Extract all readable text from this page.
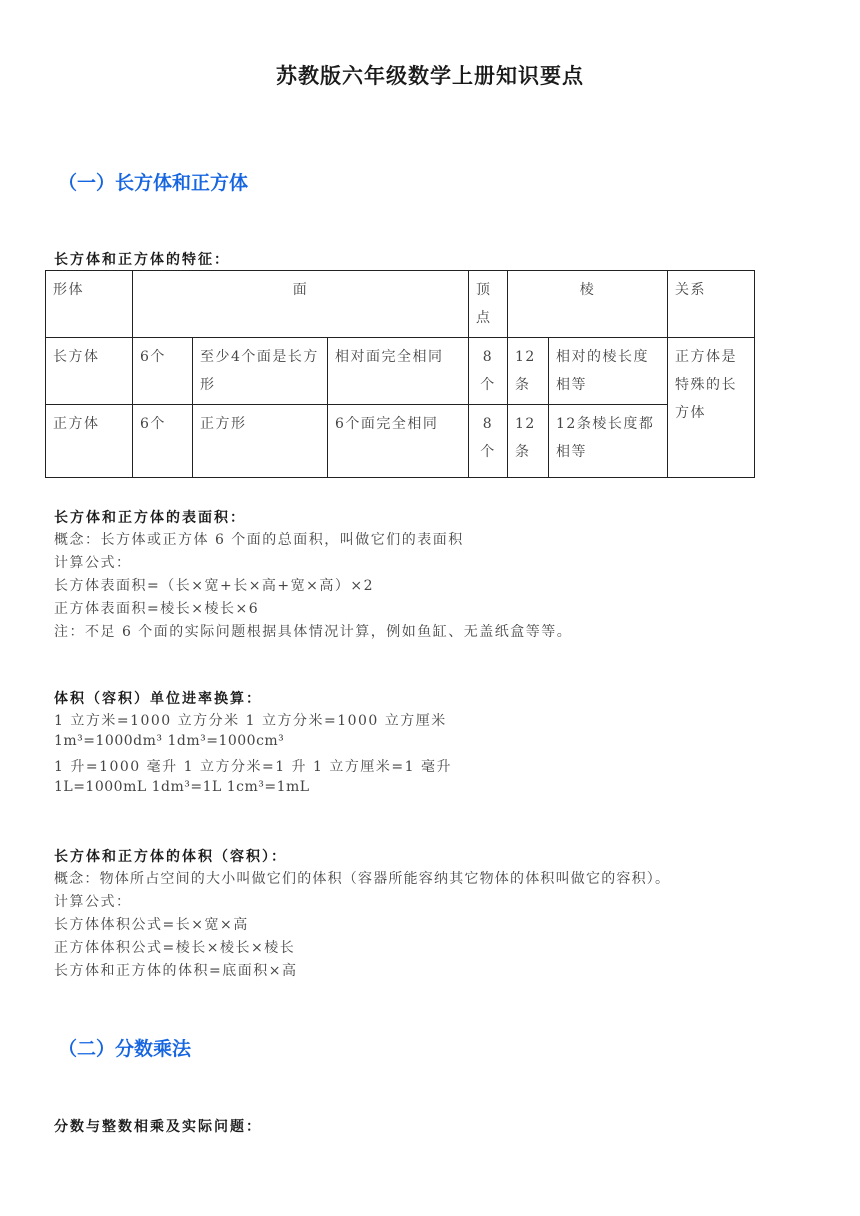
苏教版六年级数学上册知识要点
（一）长方体和正方体
长方体和正方体的特征：
形体	面			顶点	棱		关系
长方体	6个	至少4个面是长方形	相对面完全相同	8个	12条	相对的棱长度相等	正方体是特殊的长方体
正方体	6个	正方形	6个面完全相同	8个	12条	12条棱长度都相等	
长方体和正方体的表面积：
概念：长方体或正方体 6 个面的总面积，叫做它们的表面积
计算公式：
长方体表面积=（长×宽+长×高+宽×高）×2
正方体表面积=棱长×棱长×6
注：不足 6 个面的实际问题根据具体情况计算，例如鱼缸、无盖纸盒等等。
体积（容积）单位进率换算：
1 立方米=1000 立方分米 1 立方分米=1000 立方厘米
1m³=1000dm³ 1dm³=1000cm³
1 升=1000 毫升 1 立方分米=1 升 1 立方厘米=1 毫升
1L=1000mL 1dm³=1L 1cm³=1mL
长方体和正方体的体积（容积）：
概念：物体所占空间的大小叫做它们的体积（容器所能容纳其它物体的体积叫做它的容积）。
计算公式：
长方体体积公式=长×宽×高
正方体体积公式=棱长×棱长×棱长
长方体和正方体的体积=底面积×高
（二）分数乘法
分数与整数相乘及实际问题：
